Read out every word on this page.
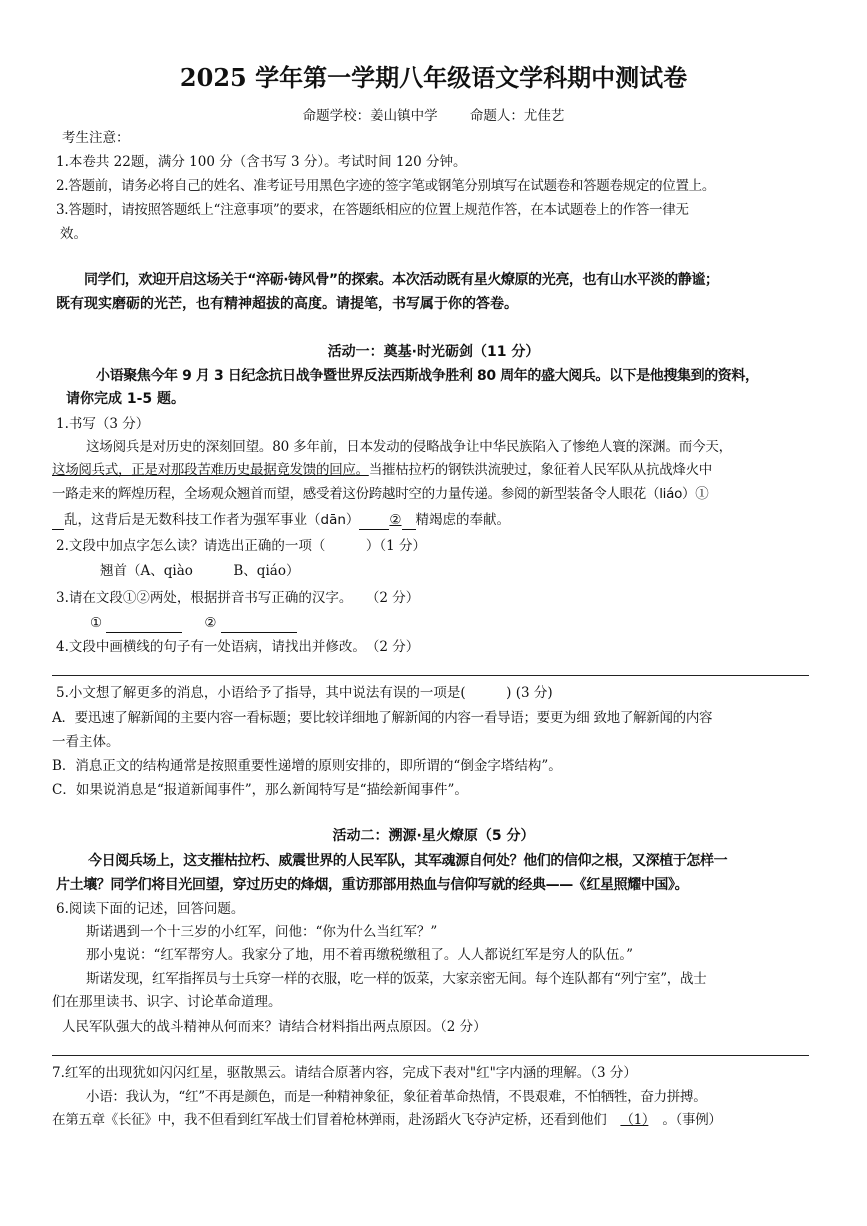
2025 学年第一学期八年级语文学科期中测试卷
命题学校：姜山镇中学 命题人：尤佳艺
考生注意：
1.本卷共 22题，满分 100 分（含书写 3 分）。考试时间 120 分钟。
2.答题前，请务必将自己的姓名、准考证号用黑色字迹的签字笔或钢笔分别填写在试题卷和答题卷规定的位置上。
3.答题时，请按照答题纸上“注意事项”的要求，在答题纸相应的位置上规范作答，在本试题卷上的作答一律无
效。
同学们，欢迎开启这场关于“淬砺·铸风骨”的探索。本次活动既有星火燎原的光亮，也有山水平淡的静谧；
既有现实磨砺的光芒，也有精神超拔的高度。请提笔，书写属于你的答卷。
活动一：奠基·时光砺剑（11 分）
小语聚焦今年 9 月 3 日纪念抗日战争暨世界反法西斯战争胜利 80 周年的盛大阅兵。以下是他搜集到的资料，
请你完成 1-5 题。
1.书写（3 分）
这场阅兵是对历史的深刻回望。80 多年前，日本发动的侵略战争让中华民族陷入了惨绝人寰的深渊。而今天，
这场阅兵式，正是对那段苦难历史最据竟发馈的回应。当摧枯拉朽的钢铁洪流驶过，象征着人民军队从抗战烽火中
一路走来的辉煌历程，全场观众翘首而望，感受着这份跨越时空的力量传递。参阅的新型装备令人眼花（liáo）①
乱，这背后是无数科技工作者为强军事业（dān） ② 精竭虑的奉献。
2.文段中加点字怎么读？请选出正确的一项（　　　）（1 分）
翘首（A、qiào　　　B、qiáo）
3.请在文段①②两处，根据拼音书写正确的汉字。　　（2 分）
①	②
4.文段中画横线的句子有一处语病，请找出并修改。　（2 分）
5.小文想了解更多的消息，小语给予了指导，其中说法有误的一项是(　　　) (3 分)
A．要迅速了解新闻的主要内容一看标题；要比较详细地了解新闻的内容一看导语；要更为细 致地了解新闻的内容
一看主体。
B．消息正文的结构通常是按照重要性递增的原则安排的，即所谓的“倒金字塔结构”。
C．如果说消息是“报道新闻事件”，那么新闻特写是“描绘新闻事件”。
活动二：溯源·星火燎原（5 分）
今日阅兵场上，这支摧枯拉朽、威震世界的人民军队，其军魂源自何处？他们的信仰之根，又深植于怎样一
片土壤？同学们将目光回望，穿过历史的烽烟，重访那部用热血与信仰写就的经典——《红星照耀中国》。
6.阅读下面的记述，回答问题。
斯诺遇到一个十三岁的小红军，问他：“你为什么当红军？”
那小鬼说：“红军帮穷人。我家分了地，用不着再缴税缴租了。人人都说红军是穷人的队伍。”
斯诺发现，红军指挥员与士兵穿一样的衣服，吃一样的饭菜，大家亲密无间。每个连队都有“列宁室”，战士
们在那里读书、识字、讨论革命道理。
人民军队强大的战斗精神从何而来？请结合材料指出两点原因。（2 分）
7.红军的出现犹如闪闪红星，驱散黑云。请结合原著内容，完成下表对"红"字内涵的理解。（3 分）
小语：我认为，“红”不再是颜色，而是一种精神象征，象征着革命热情，不畏艰难，不怕牺牲，奋力拼搏。
在第五章《长征》中，我不但看到红军战士们冒着枪林弹雨，赴汤蹈火飞夺泸定桥，还看到他们 （1） 。（事例）
